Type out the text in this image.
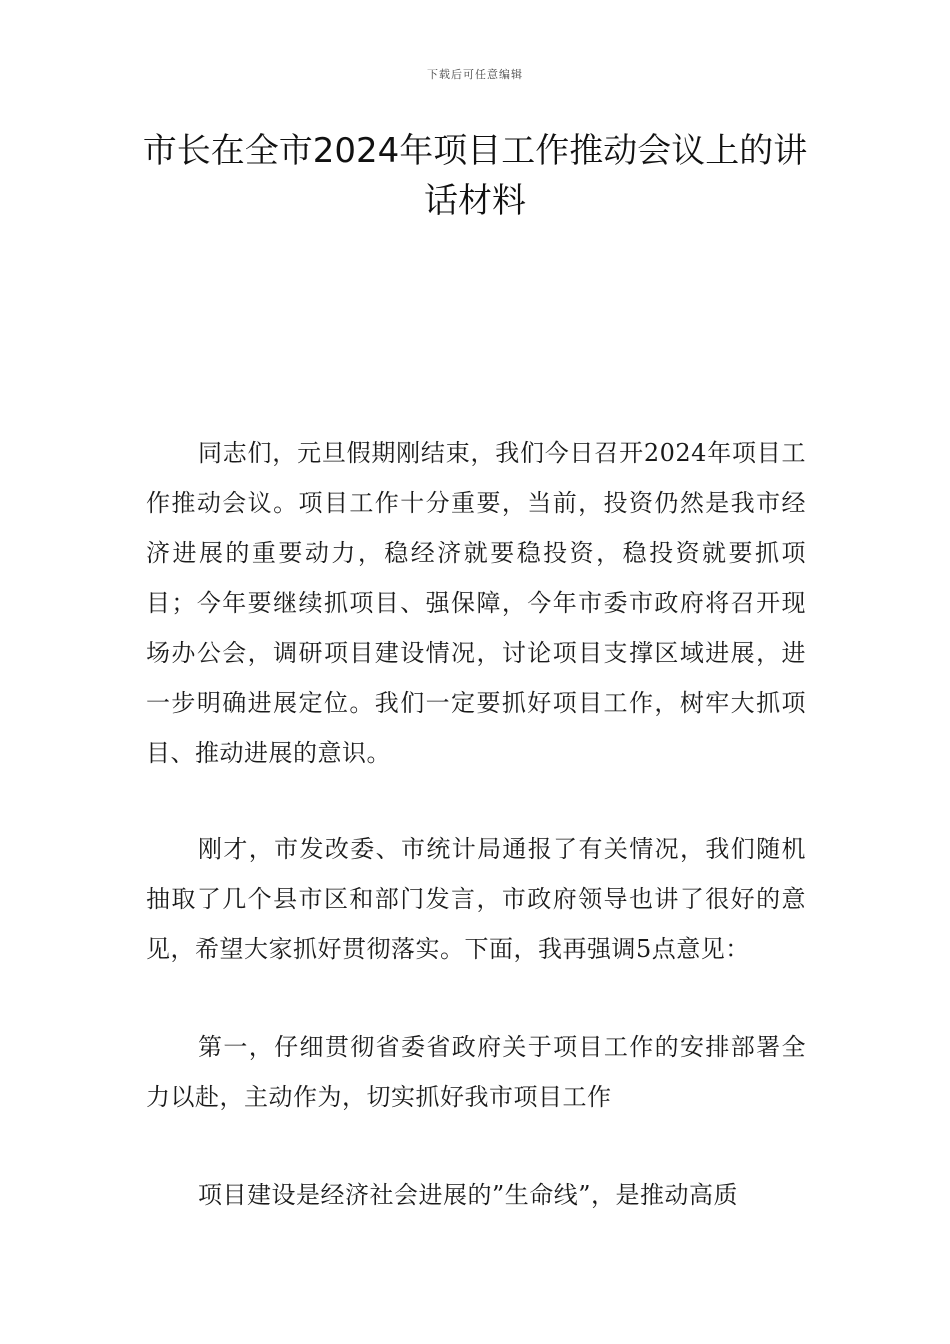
下载后可任意编辑
市长在全市2024年项目工作推动会议上的讲话材料

同志们，元旦假期刚结束，我们今日召开2024年项目工作推动会议。项目工作十分重要，当前，投资仍然是我市经济进展的重要动力，稳经济就要稳投资，稳投资就要抓项目；今年要继续抓项目、强保障，今年市委市政府将召开现场办公会，调研项目建设情况，讨论项目支撑区域进展，进一步明确进展定位。我们一定要抓好项目工作，树牢大抓项目、推动进展的意识。

刚才，市发改委、市统计局通报了有关情况，我们随机抽取了几个县市区和部门发言，市政府领导也讲了很好的意见，希望大家抓好贯彻落实。下面，我再强调5点意见：

第一，仔细贯彻省委省政府关于项目工作的安排部署全力以赴，主动作为，切实抓好我市项目工作

项目建设是经济社会进展的”生命线”，是推动高质
